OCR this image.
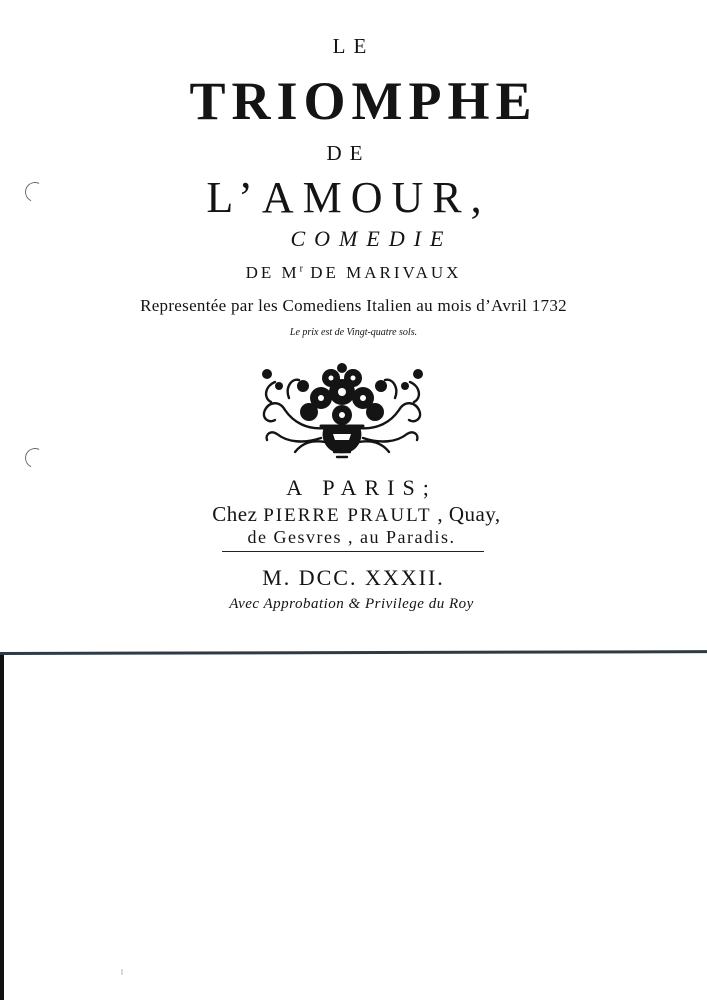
LE
TRIOMPHE
DE
L’AMOUR,
COMEDIE
DE $M^r$ DE MARIVAUX
Representée par les Comediens Italien au mois d’Avril 1732
Le prix est de Vingt-quatre sols.
A PARIS;
Chez PIERRE PRAULT , Quay,
de Gesvres , au Paradis.
M. DCC. XXXII.
Avec Approbation & Privilege du Roy
